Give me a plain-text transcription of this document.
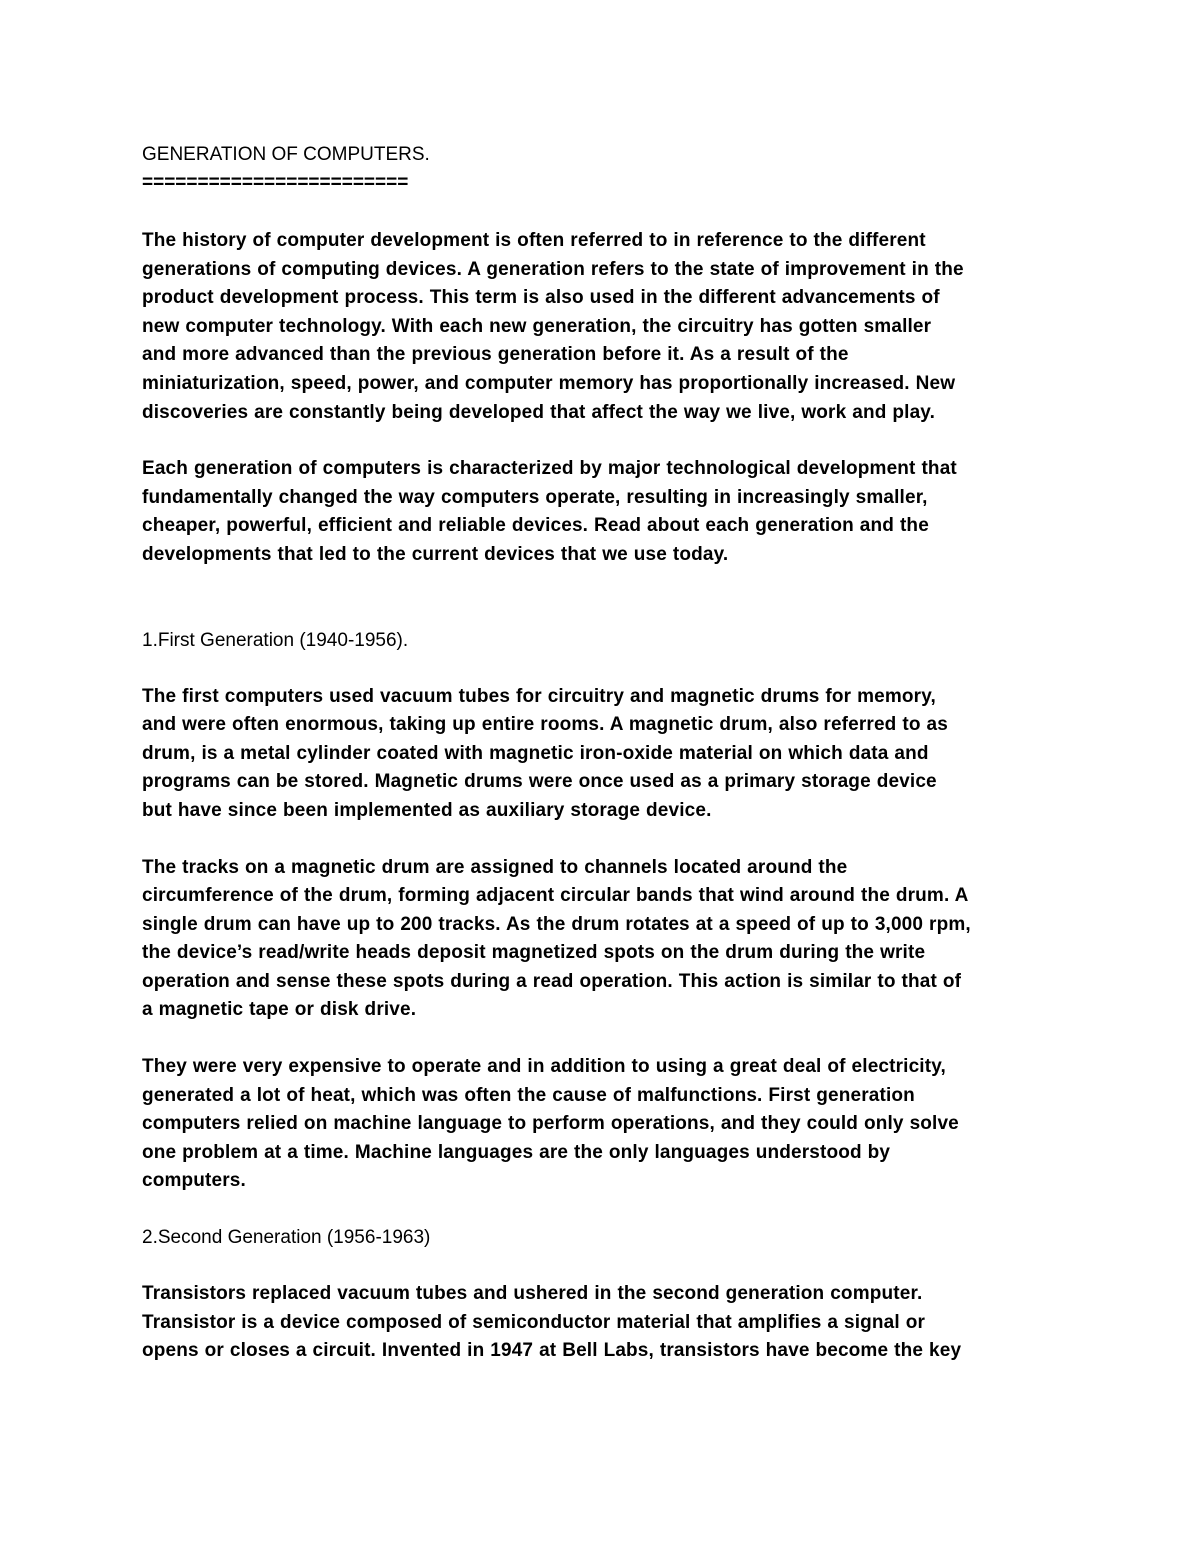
GENERATION OF COMPUTERS.
========================
The history of computer development is often referred to in reference to the different
generations of computing devices. A generation refers to the state of improvement in the
product development process. This term is also used in the different advancements of
new computer technology. With each new generation, the circuitry has gotten smaller
and more advanced than the previous generation before it. As a result of the
miniaturization, speed, power, and computer memory has proportionally increased. New
discoveries are constantly being developed that affect the way we live, work and play.
Each generation of computers is characterized by major technological development that
fundamentally changed the way computers operate, resulting in increasingly smaller,
cheaper, powerful, efficient and reliable devices. Read about each generation and the
developments that led to the current devices that we use today.
1.First Generation (1940-1956).
The first computers used vacuum tubes for circuitry and magnetic drums for memory,
and were often enormous, taking up entire rooms. A magnetic drum, also referred to as
drum, is a metal cylinder coated with magnetic iron-oxide material on which data and
programs can be stored. Magnetic drums were once used as a primary storage device
but have since been implemented as auxiliary storage device.
The tracks on a magnetic drum are assigned to channels located around the
circumference of the drum, forming adjacent circular bands that wind around the drum. A
single drum can have up to 200 tracks. As the drum rotates at a speed of up to 3,000 rpm,
the device’s read/write heads deposit magnetized spots on the drum during the write
operation and sense these spots during a read operation. This action is similar to that of
a magnetic tape or disk drive.
They were very expensive to operate and in addition to using a great deal of electricity,
generated a lot of heat, which was often the cause of malfunctions. First generation
computers relied on machine language to perform operations, and they could only solve
one problem at a time. Machine languages are the only languages understood by
computers.
2.Second Generation (1956-1963)
Transistors replaced vacuum tubes and ushered in the second generation computer.
Transistor is a device composed of semiconductor material that amplifies a signal or
opens or closes a circuit. Invented in 1947 at Bell Labs, transistors have become the key
